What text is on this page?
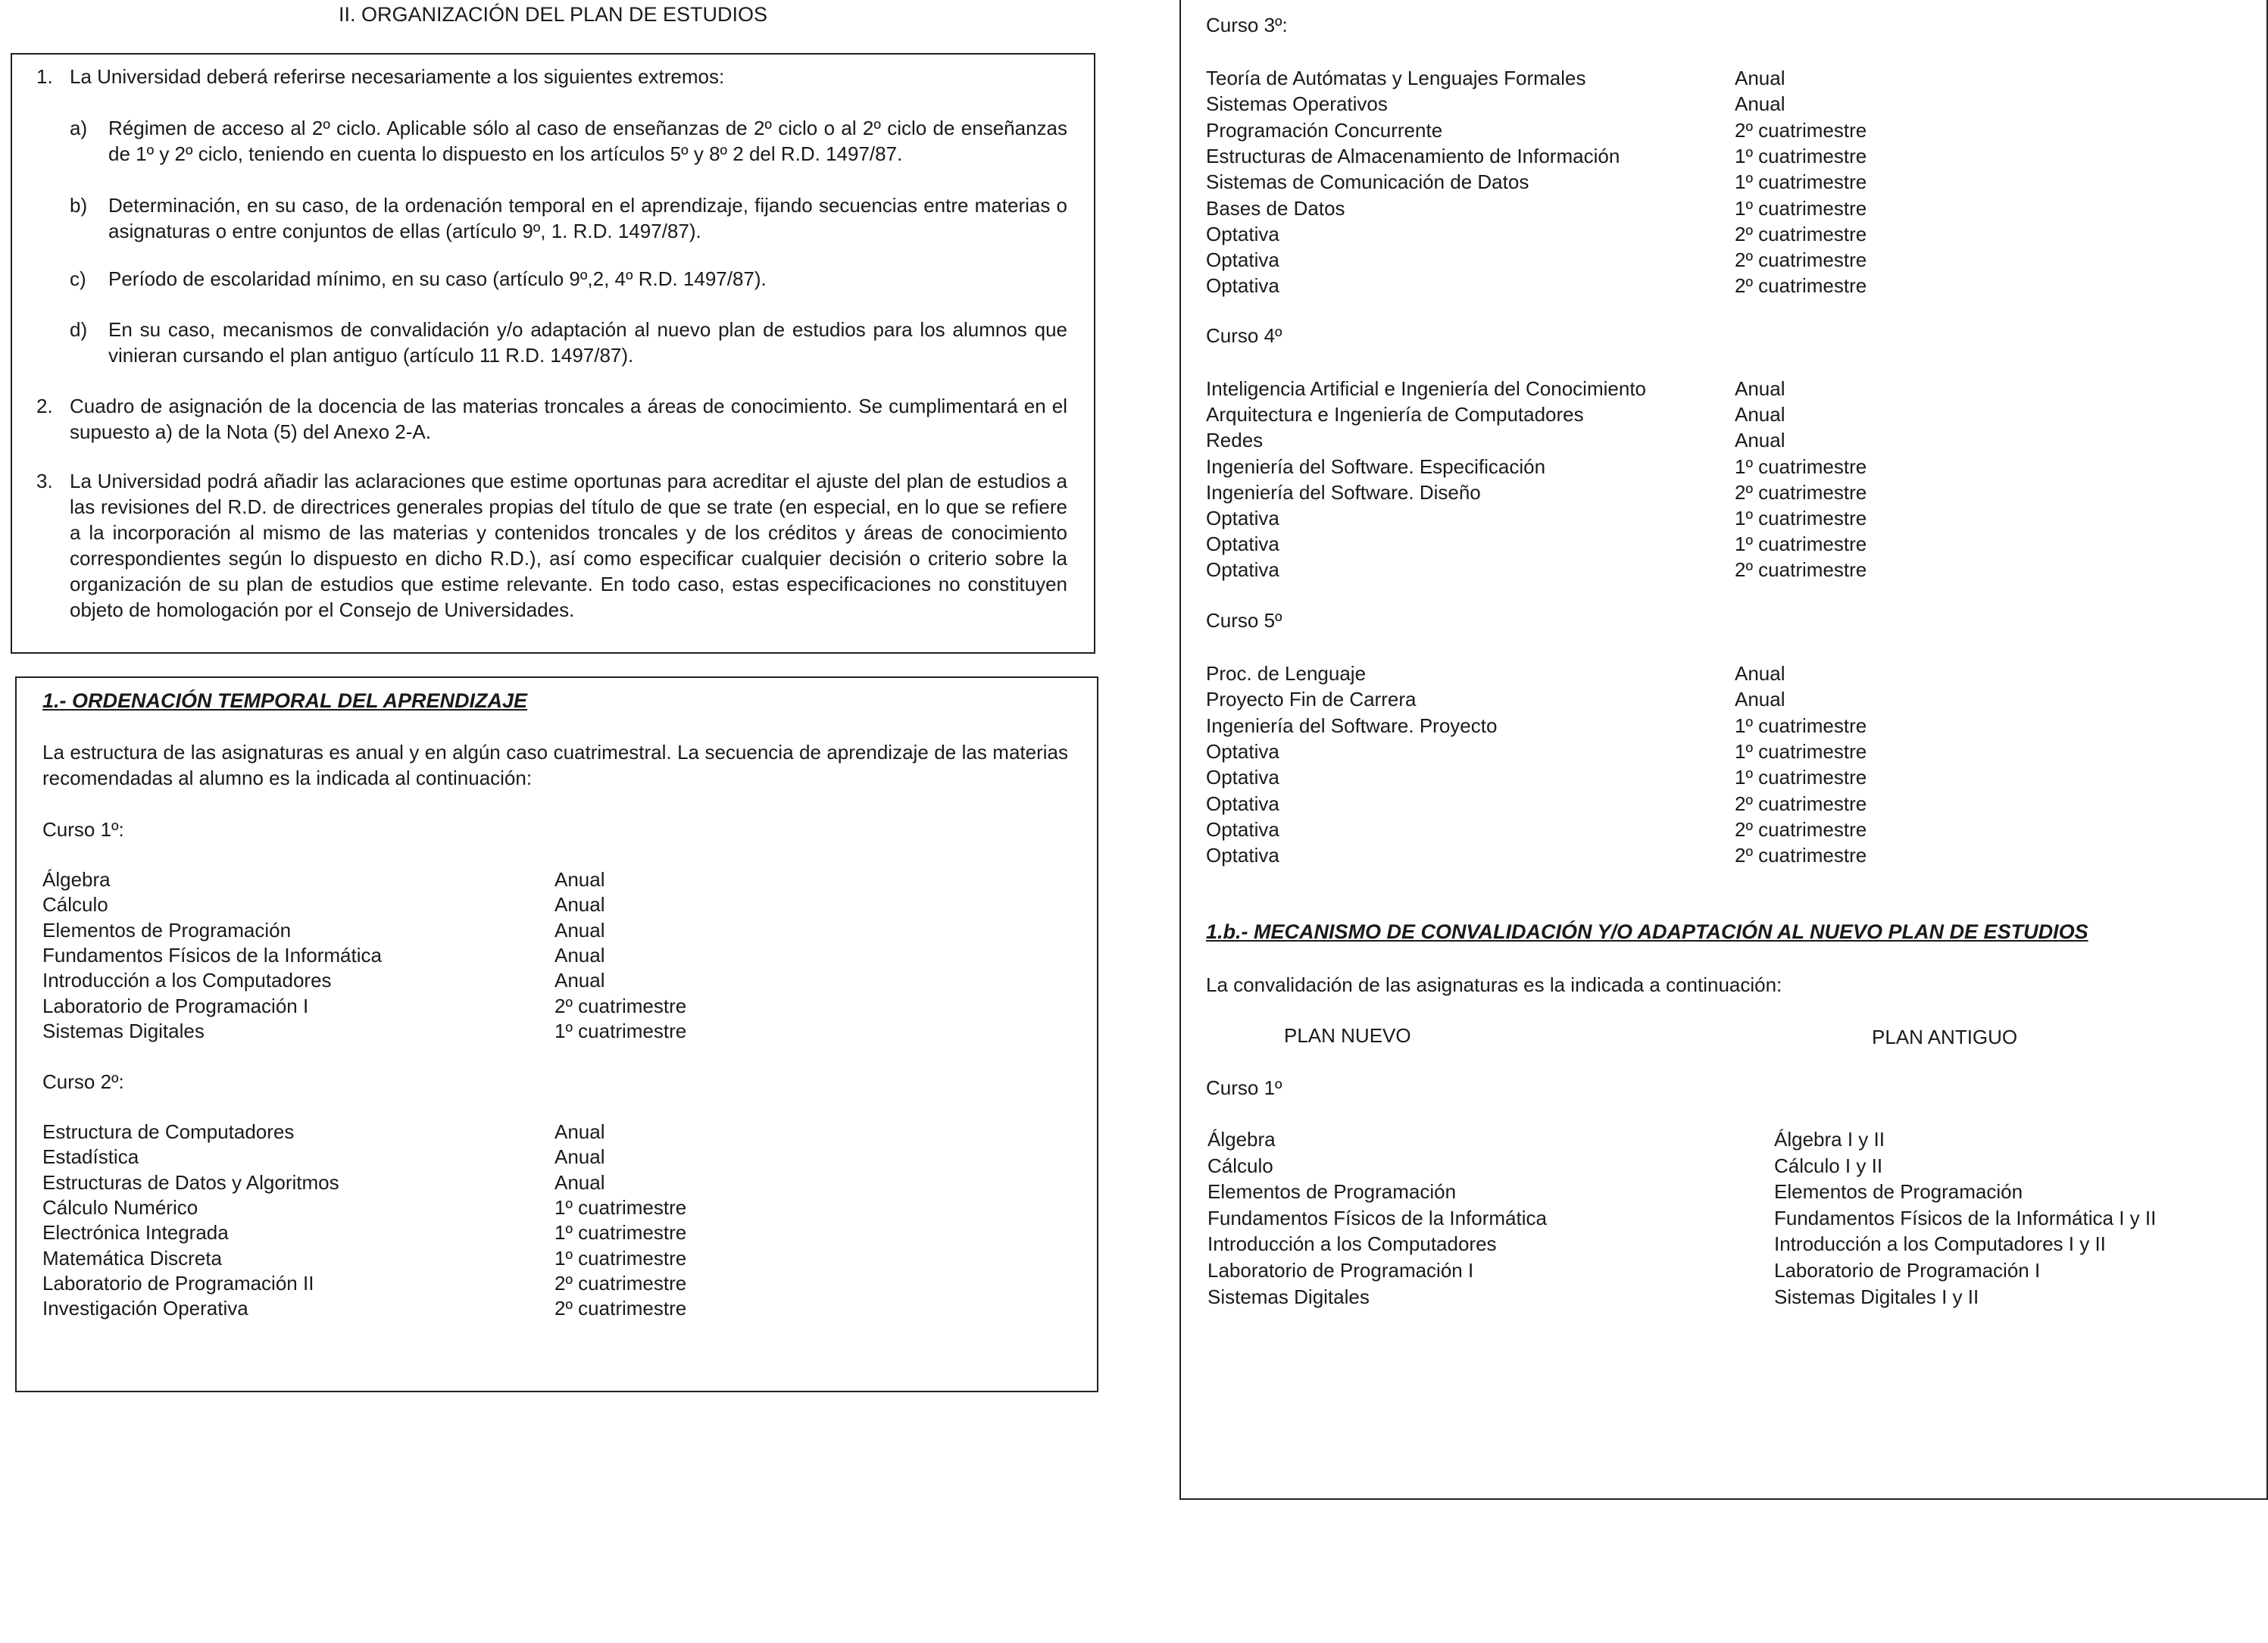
II. ORGANIZACIÓN DEL PLAN DE ESTUDIOS
1. La Universidad deberá referirse necesariamente a los siguientes extremos:
a) Régimen de acceso al 2º ciclo. Aplicable sólo al caso de enseñanzas de 2º ciclo o al 2º ciclo de enseñanzas de 1º y 2º ciclo, teniendo en cuenta lo dispuesto en los artículos 5º y 8º 2 del R.D. 1497/87.
b) Determinación, en su caso, de la ordenación temporal en el aprendizaje, fijando secuencias entre materias o asignaturas o entre conjuntos de ellas (artículo 9º, 1. R.D. 1497/87).
c) Período de escolaridad mínimo, en su caso (artículo 9º,2, 4º R.D. 1497/87).
d) En su caso, mecanismos de convalidación y/o adaptación al nuevo plan de estudios para los alumnos que vinieran cursando el plan antiguo (artículo 11 R.D. 1497/87).
2. Cuadro de asignación de la docencia de las materias troncales a áreas de conocimiento. Se cumplimentará en el supuesto a) de la Nota (5) del Anexo 2-A.
3. La Universidad podrá añadir las aclaraciones que estime oportunas para acreditar el ajuste del plan de estudios a las revisiones del R.D. de directrices generales propias del título de que se trate (en especial, en lo que se refiere a la incorporación al mismo de las materias y contenidos troncales y de los créditos y áreas de conocimiento correspondientes según lo dispuesto en dicho R.D.), así como especificar cualquier decisión o criterio sobre la organización de su plan de estudios que estime relevante. En todo caso, estas especificaciones no constituyen objeto de homologación por el Consejo de Universidades.
1.- ORDENACIÓN TEMPORAL DEL APRENDIZAJE
La estructura de las asignaturas es anual y en algún caso cuatrimestral. La secuencia de aprendizaje de las materias recomendadas al alumno es la indicada al continuación:
Curso 1º:
Álgebra	Anual
Cálculo	Anual
Elementos de Programación	Anual
Fundamentos Físicos de la Informática	Anual
Introducción a los Computadores	Anual
Laboratorio de Programación I	2º cuatrimestre
Sistemas Digitales	1º cuatrimestre
Curso 2º:
Estructura de Computadores	Anual
Estadística	Anual
Estructuras de Datos y Algoritmos	Anual
Cálculo Numérico	1º cuatrimestre
Electrónica Integrada	1º cuatrimestre
Matemática Discreta	1º cuatrimestre
Laboratorio de Programación II	2º cuatrimestre
Investigación Operativa	2º cuatrimestre
Curso 3º:
Teoría de Autómatas y Lenguajes Formales	Anual
Sistemas Operativos	Anual
Programación Concurrente	2º cuatrimestre
Estructuras de Almacenamiento de Información	1º cuatrimestre
Sistemas de Comunicación de Datos	1º cuatrimestre
Bases de Datos	1º cuatrimestre
Optativa	2º cuatrimestre
Optativa	2º cuatrimestre
Optativa	2º cuatrimestre
Curso 4º
Inteligencia Artificial e Ingeniería del Conocimiento	Anual
Arquitectura e Ingeniería de Computadores	Anual
Redes	Anual
Ingeniería del Software. Especificación	1º cuatrimestre
Ingeniería del Software. Diseño	2º cuatrimestre
Optativa	1º cuatrimestre
Optativa	1º cuatrimestre
Optativa	2º cuatrimestre
Curso 5º
Proc. de Lenguaje	Anual
Proyecto Fin de Carrera	Anual
Ingeniería del Software. Proyecto	1º cuatrimestre
Optativa	1º cuatrimestre
Optativa	1º cuatrimestre
Optativa	2º cuatrimestre
Optativa	2º cuatrimestre
Optativa	2º cuatrimestre
1.b.- MECANISMO DE CONVALIDACIÓN Y/O ADAPTACIÓN AL NUEVO PLAN DE ESTUDIOS
La convalidación de las asignaturas es la indicada a continuación:
PLAN NUEVO	PLAN ANTIGUO
Curso 1º
Álgebra	Álgebra I y II
Cálculo	Cálculo I y II
Elementos de Programación	Elementos de Programación
Fundamentos Físicos de la Informática	Fundamentos Físicos de la Informática I y II
Introducción a los Computadores	Introducción a los Computadores I y II
Laboratorio de Programación I	Laboratorio de Programación I
Sistemas Digitales	Sistemas Digitales I y II
